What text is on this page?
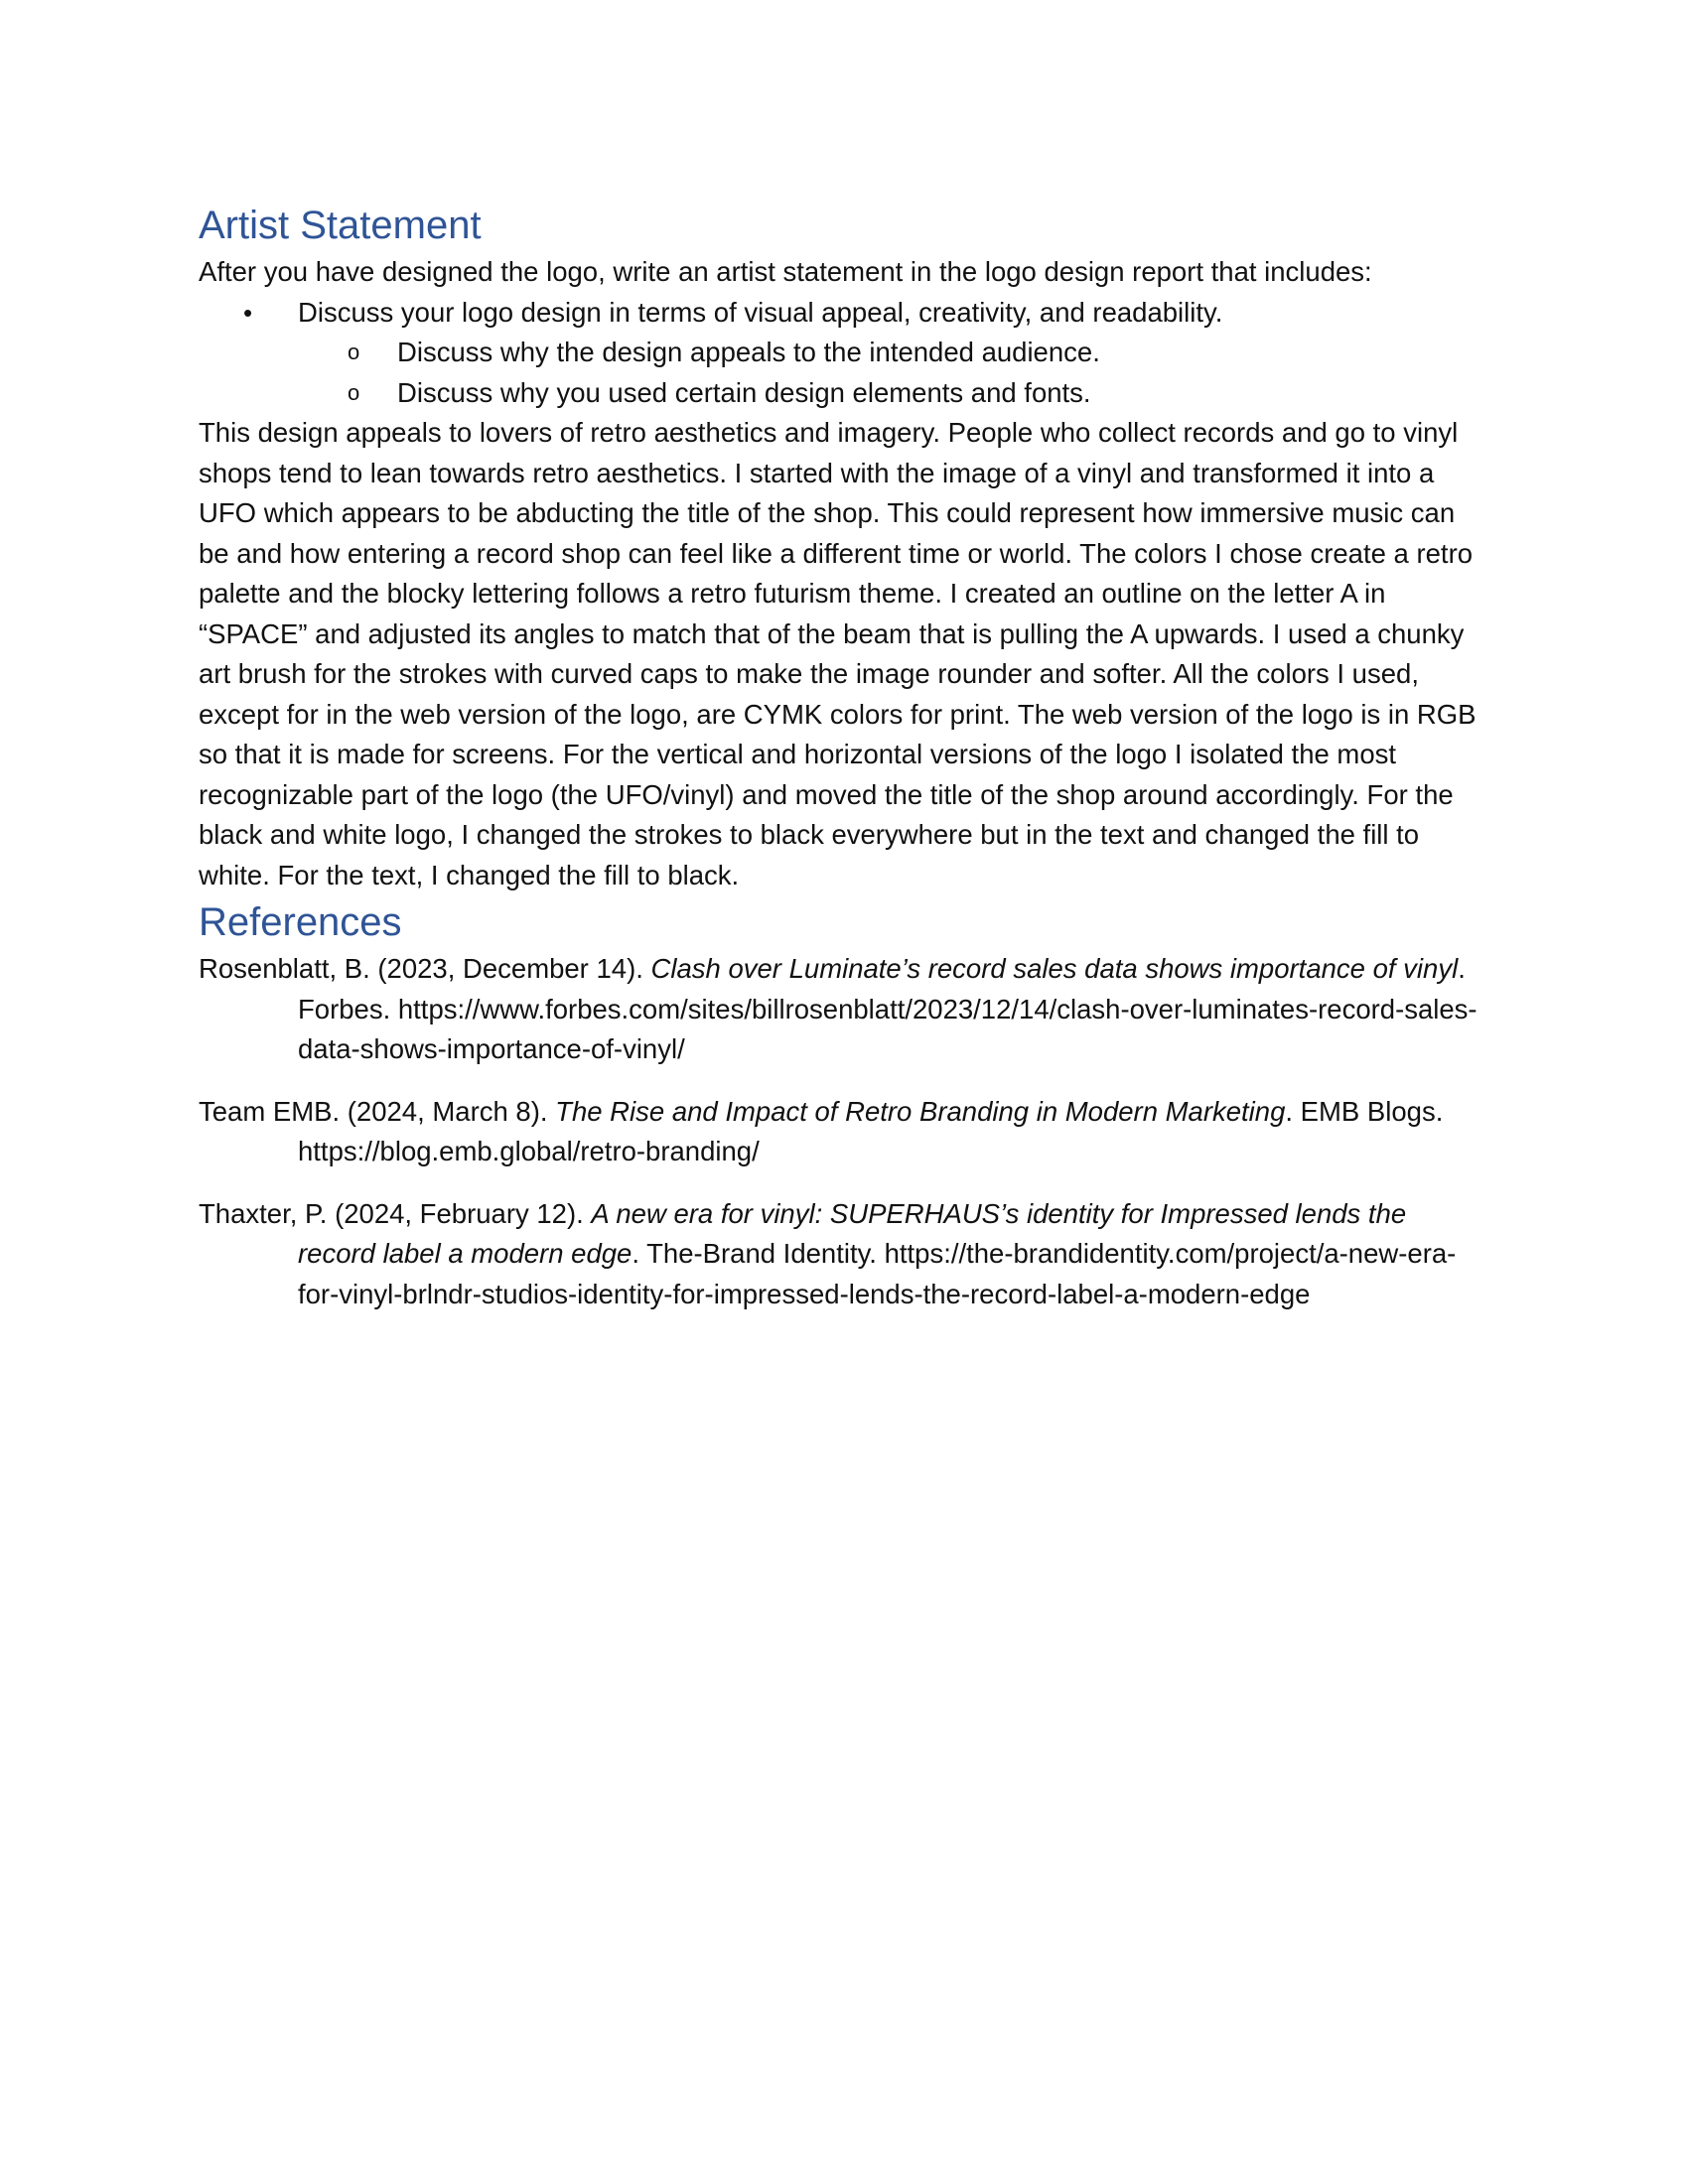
Artist Statement

After you have designed the logo, write an artist statement in the logo design report that includes:

• Discuss your logo design in terms of visual appeal, creativity, and readability.
o Discuss why the design appeals to the intended audience.
o Discuss why you used certain design elements and fonts.

This design appeals to lovers of retro aesthetics and imagery. People who collect records and go to vinyl shops tend to lean towards retro aesthetics. I started with the image of a vinyl and transformed it into a UFO which appears to be abducting the title of the shop. This could represent how immersive music can be and how entering a record shop can feel like a different time or world. The colors I chose create a retro palette and the blocky lettering follows a retro futurism theme. I created an outline on the letter A in “SPACE” and adjusted its angles to match that of the beam that is pulling the A upwards. I used a chunky art brush for the strokes with curved caps to make the image rounder and softer. All the colors I used, except for in the web version of the logo, are CYMK colors for print. The web version of the logo is in RGB so that it is made for screens. For the vertical and horizontal versions of the logo I isolated the most recognizable part of the logo (the UFO/vinyl) and moved the title of the shop around accordingly. For the black and white logo, I changed the strokes to black everywhere but in the text and changed the fill to white. For the text, I changed the fill to black.

References

Rosenblatt, B. (2023, December 14). Clash over Luminate’s record sales data shows importance of vinyl. Forbes. https://www.forbes.com/sites/billrosenblatt/2023/12/14/clash-over-luminates-record-sales-data-shows-importance-of-vinyl/

Team EMB. (2024, March 8). The Rise and Impact of Retro Branding in Modern Marketing. EMB Blogs. https://blog.emb.global/retro-branding/

Thaxter, P. (2024, February 12). A new era for vinyl: SUPERHAUS’s identity for Impressed lends the record label a modern edge. The-Brand Identity. https://the-brandidentity.com/project/a-new-era-for-vinyl-brlndr-studios-identity-for-impressed-lends-the-record-label-a-modern-edge
